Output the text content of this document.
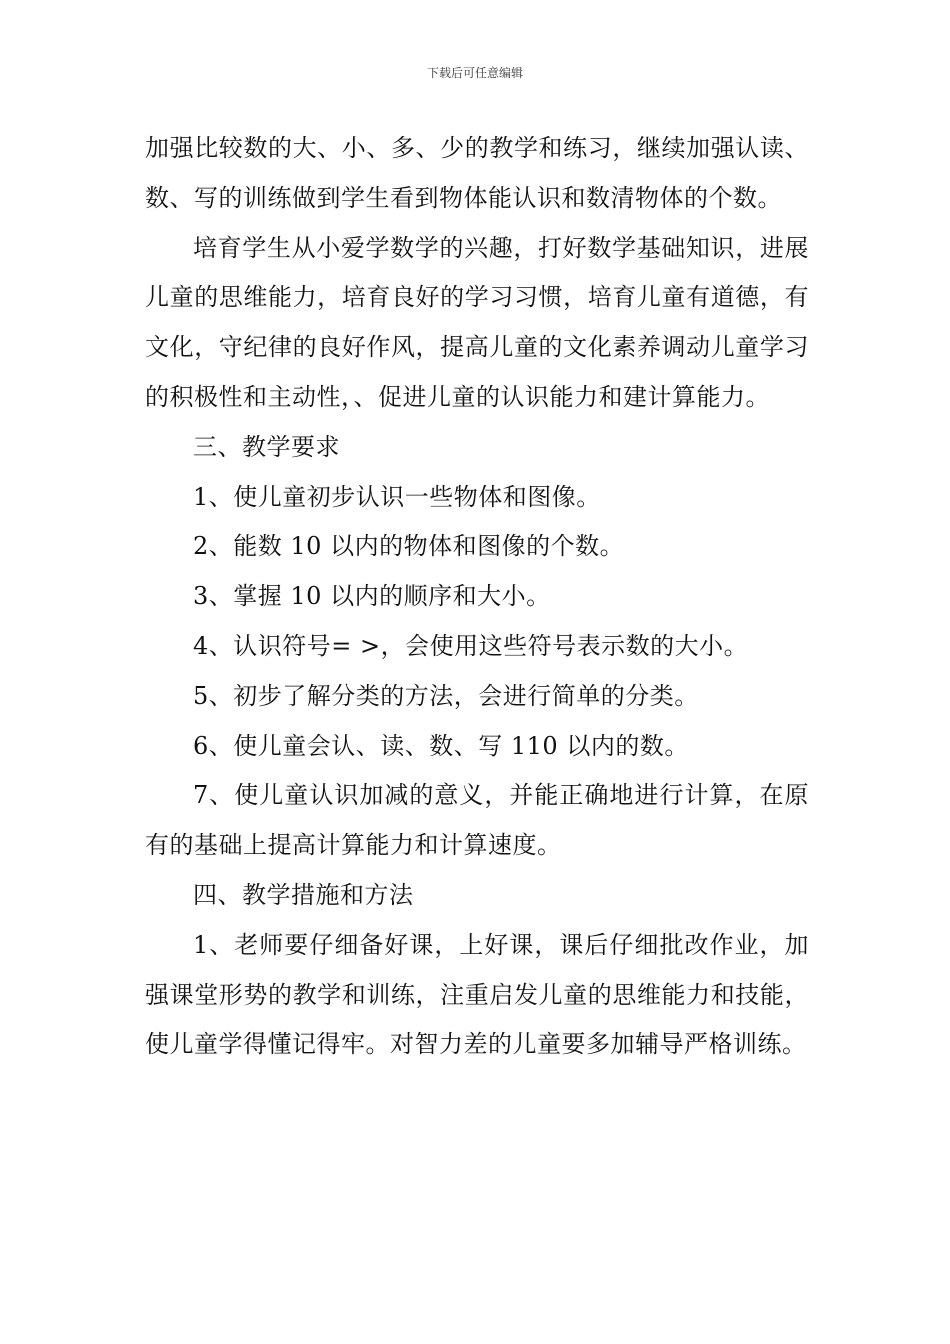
下载后可任意编辑

加强比较数的大、小、多、少的教学和练习，继续加强认读、数、写的训练做到学生看到物体能认识和数清物体的个数。

培育学生从小爱学数学的兴趣，打好数学基础知识，进展儿童的思维能力，培育良好的学习习惯，培育儿童有道德，有文化，守纪律的良好作风，提高儿童的文化素养调动儿童学习的积极性和主动性，、促进儿童的认识能力和建计算能力。

三、教学要求

1、使儿童初步认识一些物体和图像。

2、能数 10 以内的物体和图像的个数。

3、掌握 10 以内的顺序和大小。

4、认识符号= >，会使用这些符号表示数的大小。

5、初步了解分类的方法，会进行简单的分类。

6、使儿童会认、读、数、写 110 以内的数。

7、使儿童认识加减的意义，并能正确地进行计算，在原有的基础上提高计算能力和计算速度。

四、教学措施和方法

1、老师要仔细备好课，上好课，课后仔细批改作业，加强课堂形势的教学和训练，注重启发儿童的思维能力和技能，使儿童学得懂记得牢。对智力差的儿童要多加辅导严格训练。
